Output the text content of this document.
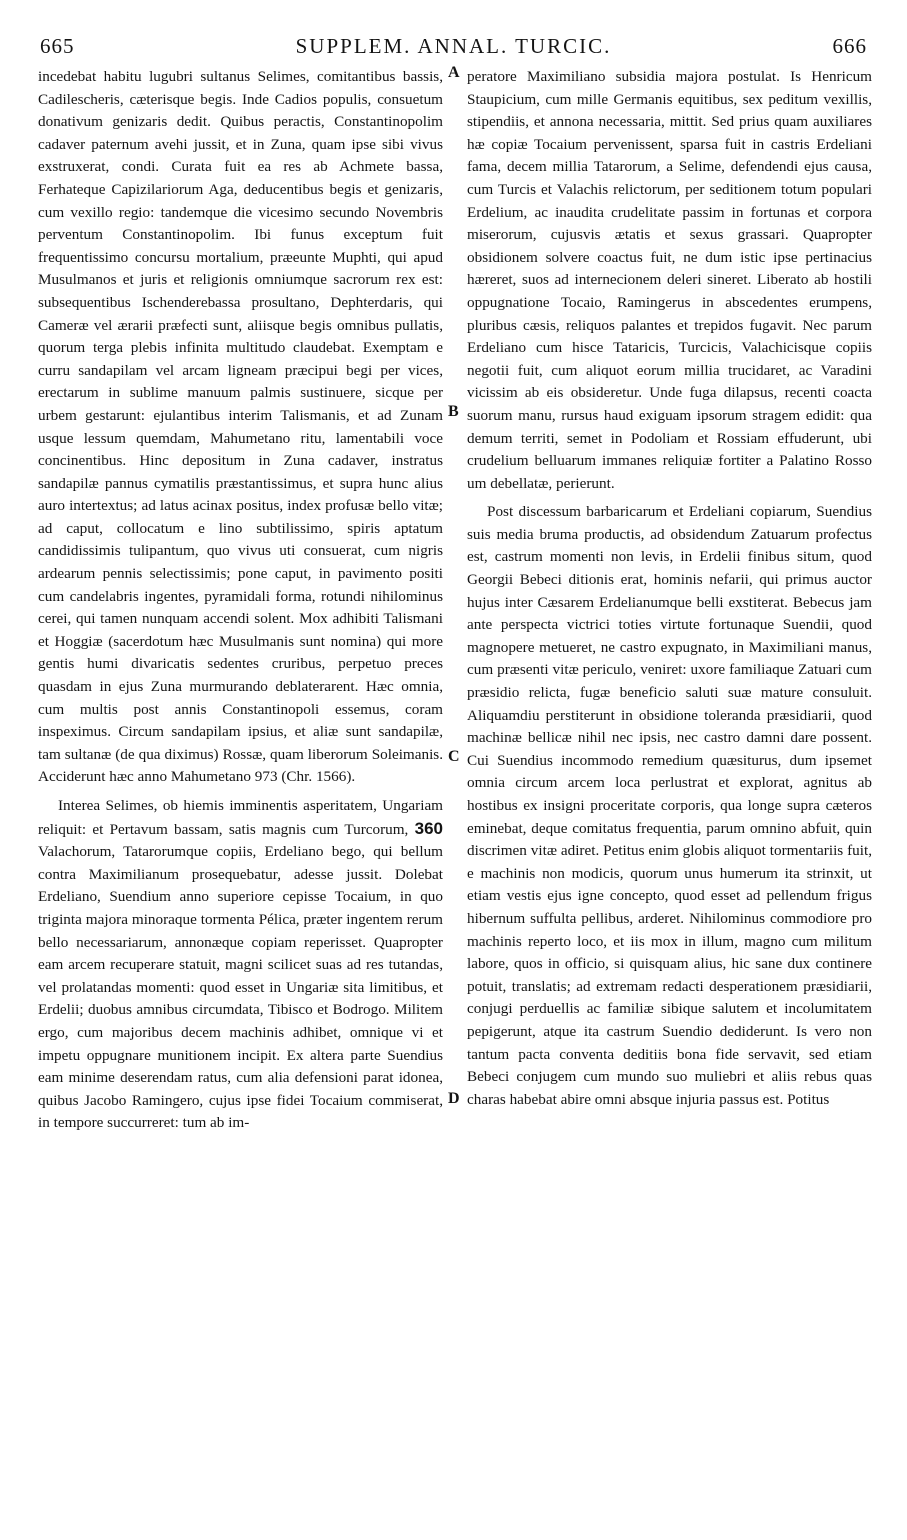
665	SUPPLEM. ANNAL. TURCIC.	666
A
B
C
D

incedebat habitu lugubri sultanus Selimes, comitantibus bassis, Cadilescheris, cæterisque begis. Inde Cadios populis, consuetum donativum genizaris dedit. Quibus peractis, Constantinopolim cadaver paternum avehi jussit, et in Zuna, quam ipse sibi vivus exstruxerat, condi. Curata fuit ea res ab Achmete bassa, Ferhateque Capizilariorum Aga, deducentibus begis et genizaris, cum vexillo regio: tandemque die vicesimo secundo Novembris perventum Constantinopolim. Ibi funus exceptum fuit frequentissimo concursu mortalium, præeunte Muphti, qui apud Musulmanos et juris et religionis omniumque sacrorum rex est: subsequentibus Ischenderebassa prosultano, Dephterdaris, qui Cameræ vel ærarii præfecti sunt, aliisque begis omnibus pullatis, quorum terga plebis infinita multitudo claudebat. Exemptam e curru sandapilam vel arcam ligneam præcipui begi per vices, erectarum in sublime manuum palmis sustinuere, sicque per urbem gestarunt: ejulantibus interim Talismanis, et ad Zunam usque lessum quemdam, Mahumetano ritu, lamentabili voce concinentibus. Hinc depositum in Zuna cadaver, instratus sandapilæ pannus cymatilis præstantissimus, et supra hunc alius auro intertextus; ad latus acinax positus, index profusæ bello vitæ; ad caput, collocatum e lino subtilissimo, spiris aptatum candidissimis tulipantum, quo vivus uti consuerat, cum nigris ardearum pennis selectissimis; pone caput, in pavimento positi cum candelabris ingentes, pyramidali forma, rotundi nihilominus cerei, qui tamen nunquam accendi solent. Mox adhibiti Talismani et Hoggiæ (sacerdotum hæc Musulmanis sunt nomina) qui more gentis humi divaricatis sedentes cruribus, perpetuo preces quasdam in ejus Zuna murmurando deblaterarent. Hæc omnia, cum multis post annis Constantinopoli essemus, coram inspeximus. Circum sandapilam ipsius, et aliæ sunt sandapilæ, tam sultanæ (de qua diximus) Rossæ, quam liberorum Soleimanis. Acciderunt hæc anno Mahumetano 973 (Chr. 1566).

Interea Selimes, ob hiemis imminentis asperitatem, Ungariam reliquit: et Pertavum bassam, satis magnis cum Turcorum, 360 Valachorum, Tatarorumque copiis, Erdeliano bego, qui bellum contra Maximilianum prosequebatur, adesse jussit. Dolebat Erdeliano, Suendium anno superiore cepisse Tocaium, in quo triginta majora minoraque tormenta Pélica, præter ingentem rerum bello necessariarum, annonæque copiam reperisset. Quapropter eam arcem recuperare statuit, magni scilicet suas ad res tutandas, vel prolatandas momenti: quod esset in Ungariæ sita limitibus, et Erdelii; duobus amnibus circumdata, Tibisco et Bodrogo. Militem ergo, cum majoribus decem machinis adhibet, omnique vi et impetu oppugnare munitionem incipit. Ex altera parte Suendius eam minime deserendam ratus, cum alia defensioni parat idonea, quibus Jacobo Ramingero, cujus ipse fidei Tocaium commiserat, in tempore succurreret: tum ab im-

peratore Maximiliano subsidia majora postulat. Is Henricum Staupicium, cum mille Germanis equitibus, sex peditum vexillis, stipendiis, et annona necessaria, mittit. Sed prius quam auxiliares hæ copiæ Tocaium pervenissent, sparsa fuit in castris Erdeliani fama, decem millia Tatarorum, a Selime, defendendi ejus causa, cum Turcis et Valachis relictorum, per seditionem totum populari Erdelium, ac inaudita crudelitate passim in fortunas et corpora miserorum, cujusvis ætatis et sexus grassari. Quapropter obsidionem solvere coactus fuit, ne dum istic ipse pertinacius hæreret, suos ad internecionem deleri sineret. Liberato ab hostili oppugnatione Tocaio, Ramingerus in abscedentes erumpens, pluribus cæsis, reliquos palantes et trepidos fugavit. Nec parum Erdeliano cum hisce Tataricis, Turcicis, Valachicisque copiis negotii fuit, cum aliquot eorum millia trucidaret, ac Varadini vicissim ab eis obsideretur. Unde fuga dilapsus, recenti coacta suorum manu, rursus haud exiguam ipsorum stragem edidit: qua demum territi, semet in Podoliam et Rossiam effuderunt, ubi crudelium belluarum immanes reliquiæ fortiter a Palatino Rosso um debellatæ, perierunt.

Post discessum barbaricarum et Erdeliani copiarum, Suendius suis media bruma productis, ad obsidendum Zatuarum profectus est, castrum momenti non levis, in Erdelii finibus situm, quod Georgii Bebeci ditionis erat, hominis nefarii, qui primus auctor hujus inter Cæsarem Erdelianumque belli exstiterat. Bebecus jam ante perspecta victrici toties virtute fortunaque Suendii, quod magnopere metueret, ne castro expugnato, in Maximiliani manus, cum præsenti vitæ periculo, veniret: uxore familiaque Zatuari cum præsidio relicta, fugæ beneficio saluti suæ mature consuluit. Aliquamdiu perstiterunt in obsidione toleranda præsidiarii, quod machinæ bellicæ nihil nec ipsis, nec castro damni dare possent. Cui Suendius incommodo remedium quæsiturus, dum ipsemet omnia circum arcem loca perlustrat et explorat, agnitus ab hostibus ex insigni proceritate corporis, qua longe supra cæteros eminebat, deque comitatus frequentia, parum omnino abfuit, quin discrimen vitæ adiret. Petitus enim globis aliquot tormentariis fuit, e machinis non modicis, quorum unus humerum ita strinxit, ut etiam vestis ejus igne concepto, quod esset ad pellendum frigus hibernum suffulta pellibus, arderet. Nihilominus commodiore pro machinis reperto loco, et iis mox in illum, magno cum militum labore, quos in officio, si quisquam alius, hic sane dux continere potuit, translatis; ad extremam redacti desperationem præsidiarii, conjugi perduellis ac familiæ sibique salutem et incolumitatem pepigerunt, atque ita castrum Suendio dediderunt. Is vero non tantum pacta conventa deditiis bona fide servavit, sed etiam Bebeci conjugem cum mundo suo muliebri et aliis rebus quas charas habebat abire omni absque injuria passus est. Potitus
